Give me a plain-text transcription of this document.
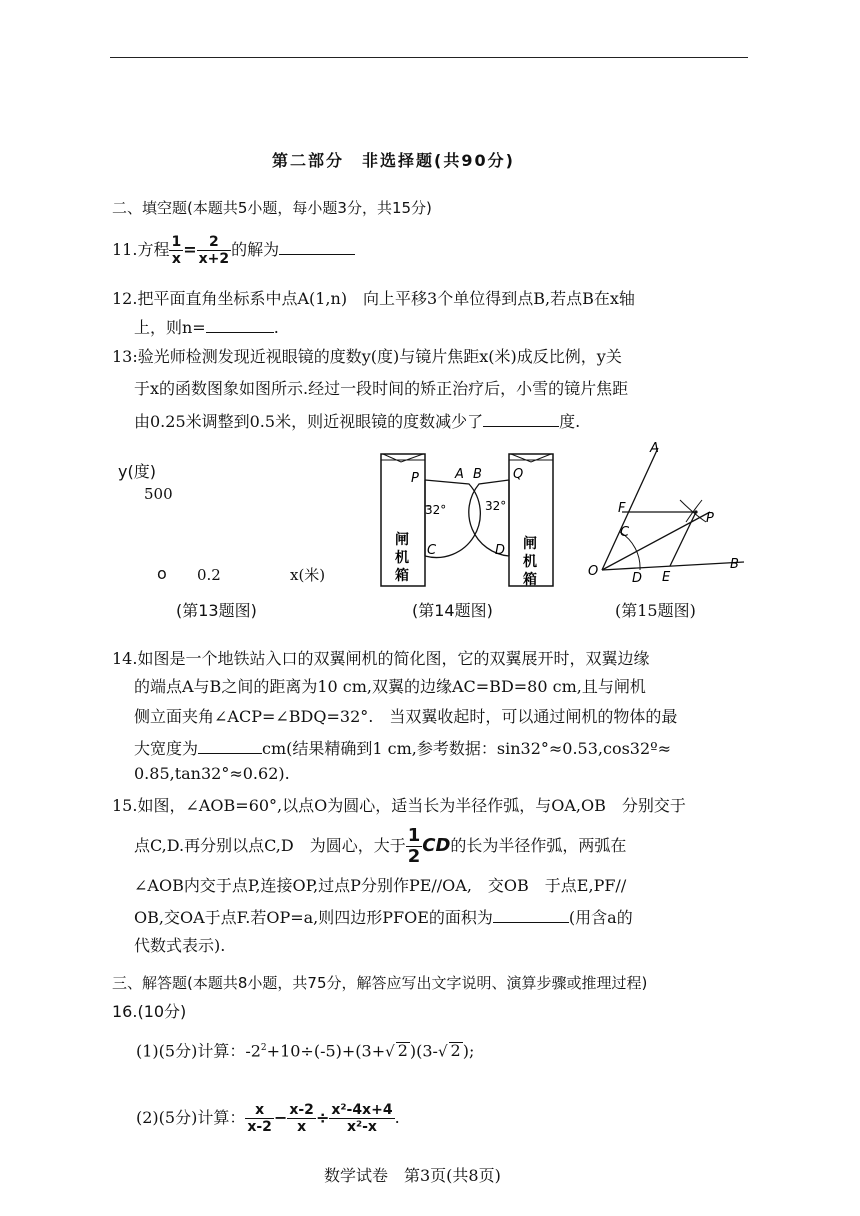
第二部分　非选择题(共90分)
二、填空题(本题共5小题，每小题3分，共15分)
11.方程 $\frac{1}{x} = \frac{2}{x+2}$ 的解为
12.把平面直角坐标系中点A(1,n)　向上平移3个单位得到点B,若点B在x轴
上，则n=	.
13:验光师检测发现近视眼镜的度数y(度)与镜片焦距x(米)成反比例，y关
于x的函数图象如图所示.经过一段时间的矫正治疗后，小雪的镜片焦距
由0.25米调整到0.5米，则近视眼镜的度数减少了	度.
y(度)
500
o 0.2	x(米)
(第13题图)
P	A B Q
C	D
32°	32°
闸
机
箱
闸
机
箱
(第14题图)
A
F
P
C
O	D E
B
(第15题图)
14.如图是一个地铁站入口的双翼闸机的简化图，它的双翼展开时，双翼边缘
的端点A与B之间的距离为10 cm,双翼的边缘AC=BD=80 cm,且与闸机
侧立面夹角∠ACP=∠BDQ=32°.　当双翼收起时，可以通过闸机的物体的最
大宽度为	cm(结果精确到1 cm,参考数据：sin32°≈0.53,cos32º≈
0.85,tan32°≈0.62).
15.如图，∠AOB=60°,以点O为圆心，适当长为半径作弧，与OA,OB　分别交于
点C,D.再分别以点C,D　为圆心，大于 $\frac{1}{2}$ CD的长为半径作弧，两弧在
∠AOB内交于点P,连接OP,过点P分别作PE//OA,　交OB　于点E,PF//
OB,交OA于点F.若OP=a,则四边形PFOE的面积为	(用含a的
代数式表示).
三、解答题(本题共8小题，共75分，解答应写出文字说明、演算步骤或推理过程)
16.(10分)
(1)(5分)计算：$-2^2+10\div(-5)+(3+√$ 2 )(3-√ 2 );
(2)(5分)计算： $\frac{x}{x-2} - \frac{x-2}{x} \div \frac{\text{x²-4x+4}}{\text{x²-x}}$ .
数学试卷　第3页(共8页)
